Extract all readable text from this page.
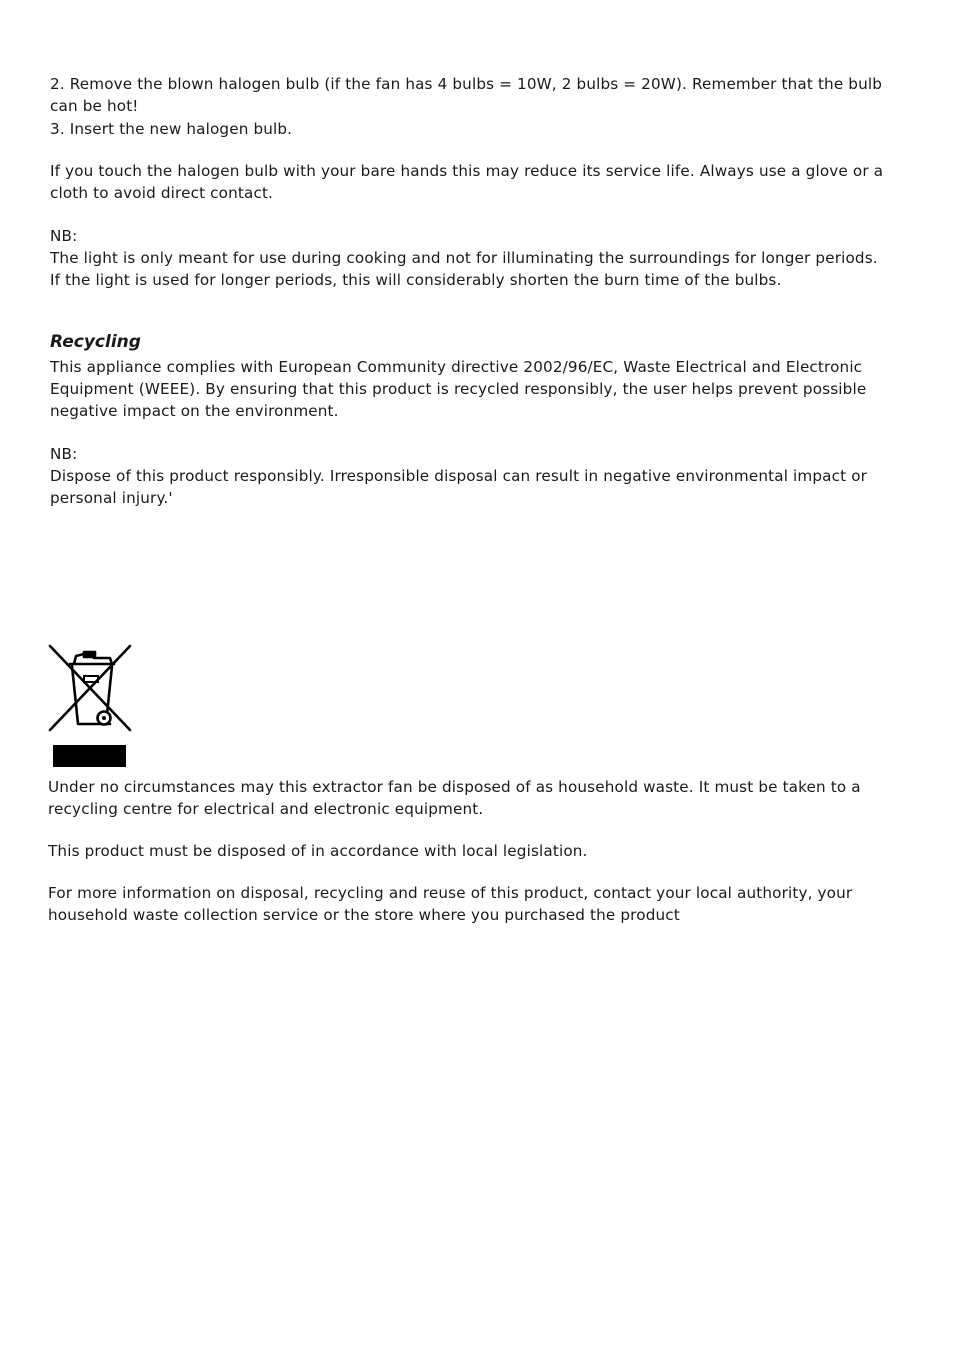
2. Remove the blown halogen bulb (if the fan has 4 bulbs = 10W, 2 bulbs = 20W). Remember that the bulb

can be hot!

3. Insert the new halogen bulb.

If you touch the halogen bulb with your bare hands this may reduce its service life. Always use a glove or a

cloth to avoid direct contact.

NB:

The light is only meant for use during cooking and not for illuminating the surroundings for longer periods.

If the light is used for longer periods, this will considerably shorten the burn time of the bulbs.

Recycling

This appliance complies with European Community directive 2002/96/EC, Waste Electrical and Electronic

Equipment (WEEE). By ensuring that this product is recycled responsibly, the user helps prevent possible

negative impact on the environment.

NB:

Dispose of this product responsibly. Irresponsible disposal can result in negative environmental impact or

personal injury.'

Under no circumstances may this extractor fan be disposed of as household waste. It must be taken to a

recycling centre for electrical and electronic equipment.

This product must be disposed of in accordance with local legislation.

For more information on disposal, recycling and reuse of this product, contact your local authority, your

household waste collection service or the store where you purchased the product
